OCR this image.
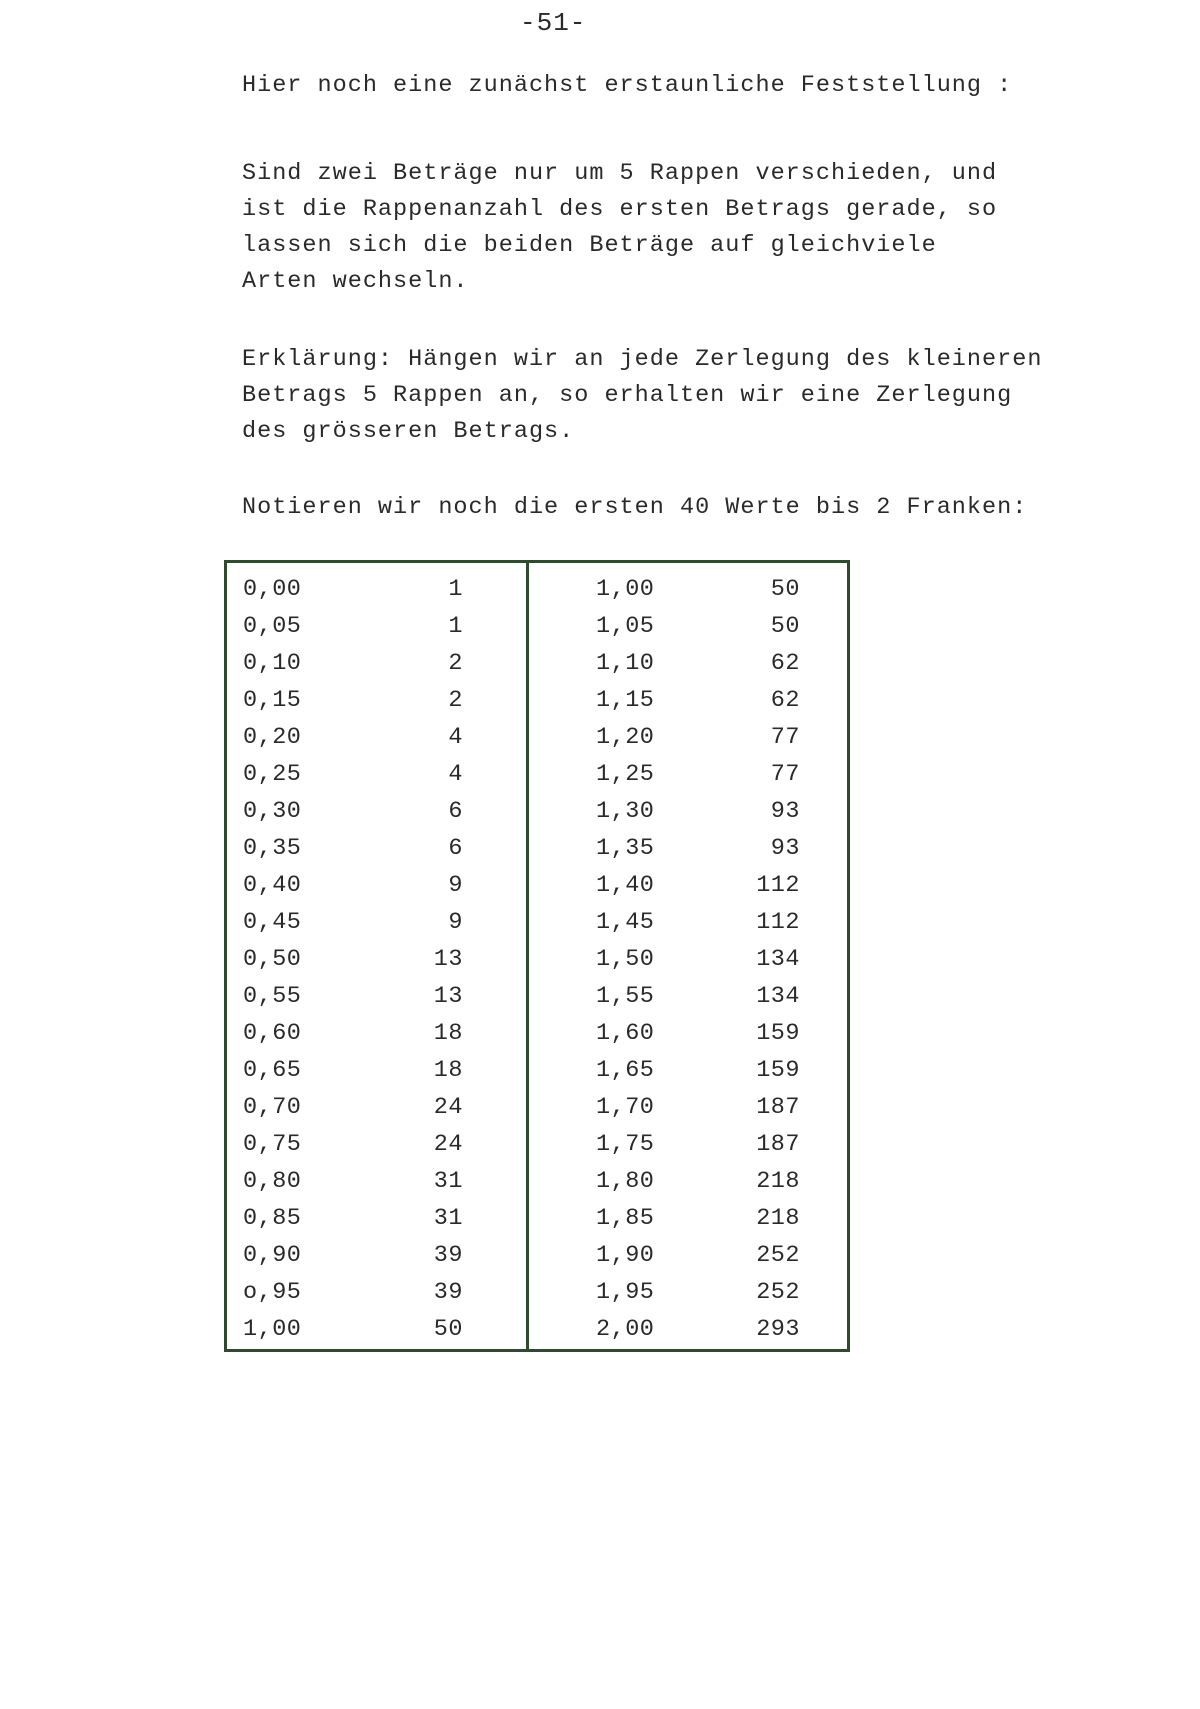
-51-
Hier noch eine zunächst erstaunliche Feststellung :
Sind zwei Beträge nur um 5 Rappen verschieden, und
ist die Rappenanzahl des ersten Betrags gerade, so
lassen sich die beiden Beträge auf gleichviele
Arten wechseln.
Erklärung: Hängen wir an jede Zerlegung des kleineren
Betrags 5 Rappen an, so erhalten wir eine Zerlegung
des grösseren Betrags.
Notieren wir noch die ersten 40 Werte bis 2 Franken:
0,00	1	1,00	50
0,05	1	1,05	50
0,10	2	1,10	62
0,15	2	1,15	62
0,20	4	1,20	77
0,25	4	1,25	77
0,30	6	1,30	93
0,35	6	1,35	93
0,40	9	1,40	112
0,45	9	1,45	112
0,50	13	1,50	134
0,55	13	1,55	134
0,60	18	1,60	159
0,65	18	1,65	159
0,70	24	1,70	187
0,75	24	1,75	187
0,80	31	1,80	218
0,85	31	1,85	218
0,90	39	1,90	252
o,95	39	1,95	252
1,00	50	2,00	293
